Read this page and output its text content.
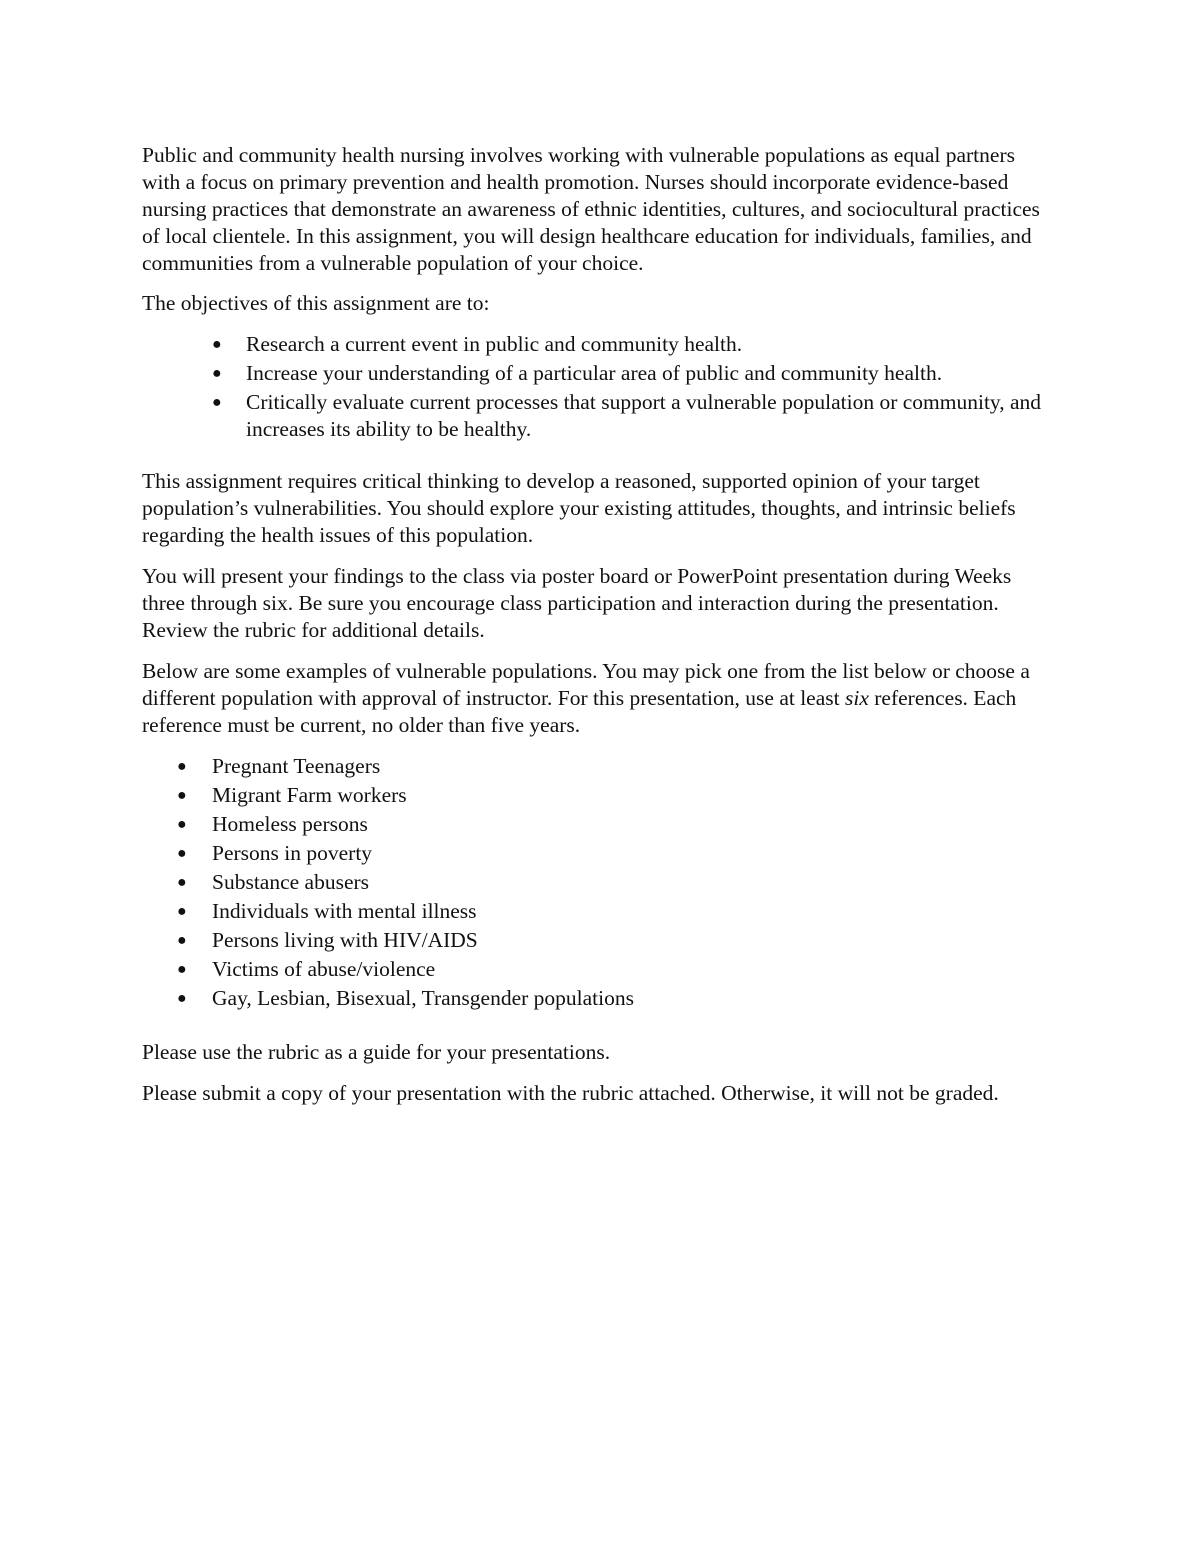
Public and community health nursing involves working with vulnerable populations as equal partners with a focus on primary prevention and health promotion. Nurses should incorporate evidence-based nursing practices that demonstrate an awareness of ethnic identities, cultures, and sociocultural practices of local clientele. In this assignment, you will design healthcare education for individuals, families, and communities from a vulnerable population of your choice.

The objectives of this assignment are to:

● Research a current event in public and community health.
● Increase your understanding of a particular area of public and community health.
● Critically evaluate current processes that support a vulnerable population or community, and increases its ability to be healthy.

This assignment requires critical thinking to develop a reasoned, supported opinion of your target population’s vulnerabilities. You should explore your existing attitudes, thoughts, and intrinsic beliefs regarding the health issues of this population.

You will present your findings to the class via poster board or PowerPoint presentation during Weeks three through six. Be sure you encourage class participation and interaction during the presentation. Review the rubric for additional details.

Below are some examples of vulnerable populations. You may pick one from the list below or choose a different population with approval of instructor. For this presentation, use at least six references. Each reference must be current, no older than five years.

● Pregnant Teenagers
● Migrant Farm workers
● Homeless persons
● Persons in poverty
● Substance abusers
● Individuals with mental illness
● Persons living with HIV/AIDS
● Victims of abuse/violence
● Gay, Lesbian, Bisexual, Transgender populations

Please use the rubric as a guide for your presentations.

Please submit a copy of your presentation with the rubric attached. Otherwise, it will not be graded.
